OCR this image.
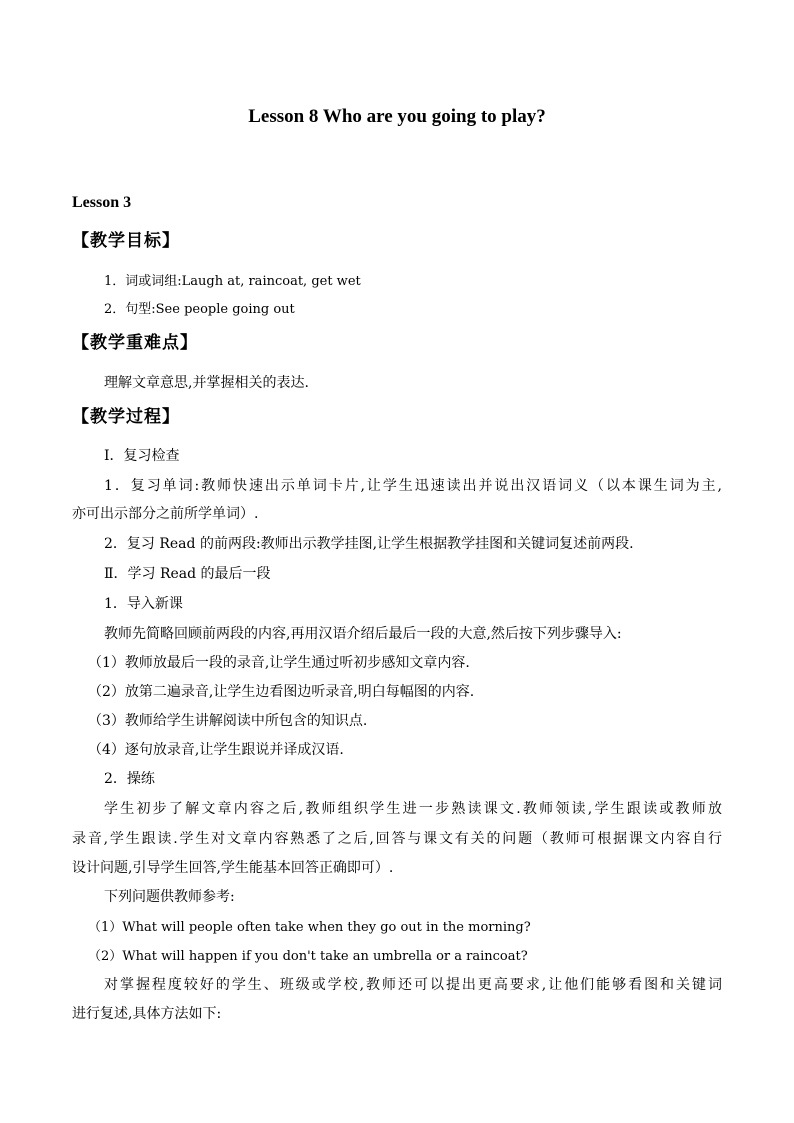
Lesson 8 Who are you going to play?
Lesson 3
【教学目标】
1．词或词组:Laugh at, raincoat, get wet
2．句型:See people going out
【教学重难点】
理解文章意思,并掌握相关的表达.
【教学过程】
Ⅰ．复习检查
1．复习单词:教师快速出示单词卡片,让学生迅速读出并说出汉语词义（以本课生词为主,
亦可出示部分之前所学单词）.
2．复习 Read 的前两段:教师出示教学挂图,让学生根据教学挂图和关键词复述前两段.
Ⅱ．学习 Read 的最后一段
1．导入新课
教师先简略回顾前两段的内容,再用汉语介绍后最后一段的大意,然后按下列步骤导入:
（1）教师放最后一段的录音,让学生通过听初步感知文章内容.
（2）放第二遍录音,让学生边看图边听录音,明白每幅图的内容.
（3）教师给学生讲解阅读中所包含的知识点.
（4）逐句放录音,让学生跟说并译成汉语.
2．操练
学生初步了解文章内容之后,教师组织学生进一步熟读课文.教师领读,学生跟读或教师放
录音,学生跟读.学生对文章内容熟悉了之后,回答与课文有关的问题（教师可根据课文内容自行
设计问题,引导学生回答,学生能基本回答正确即可）.
下列问题供教师参考:
（1）What will people often take when they go out in the morning?
（2）What will happen if you don't take an umbrella or a raincoat?
对掌握程度较好的学生、班级或学校,教师还可以提出更高要求,让他们能够看图和关键词
进行复述,具体方法如下:
